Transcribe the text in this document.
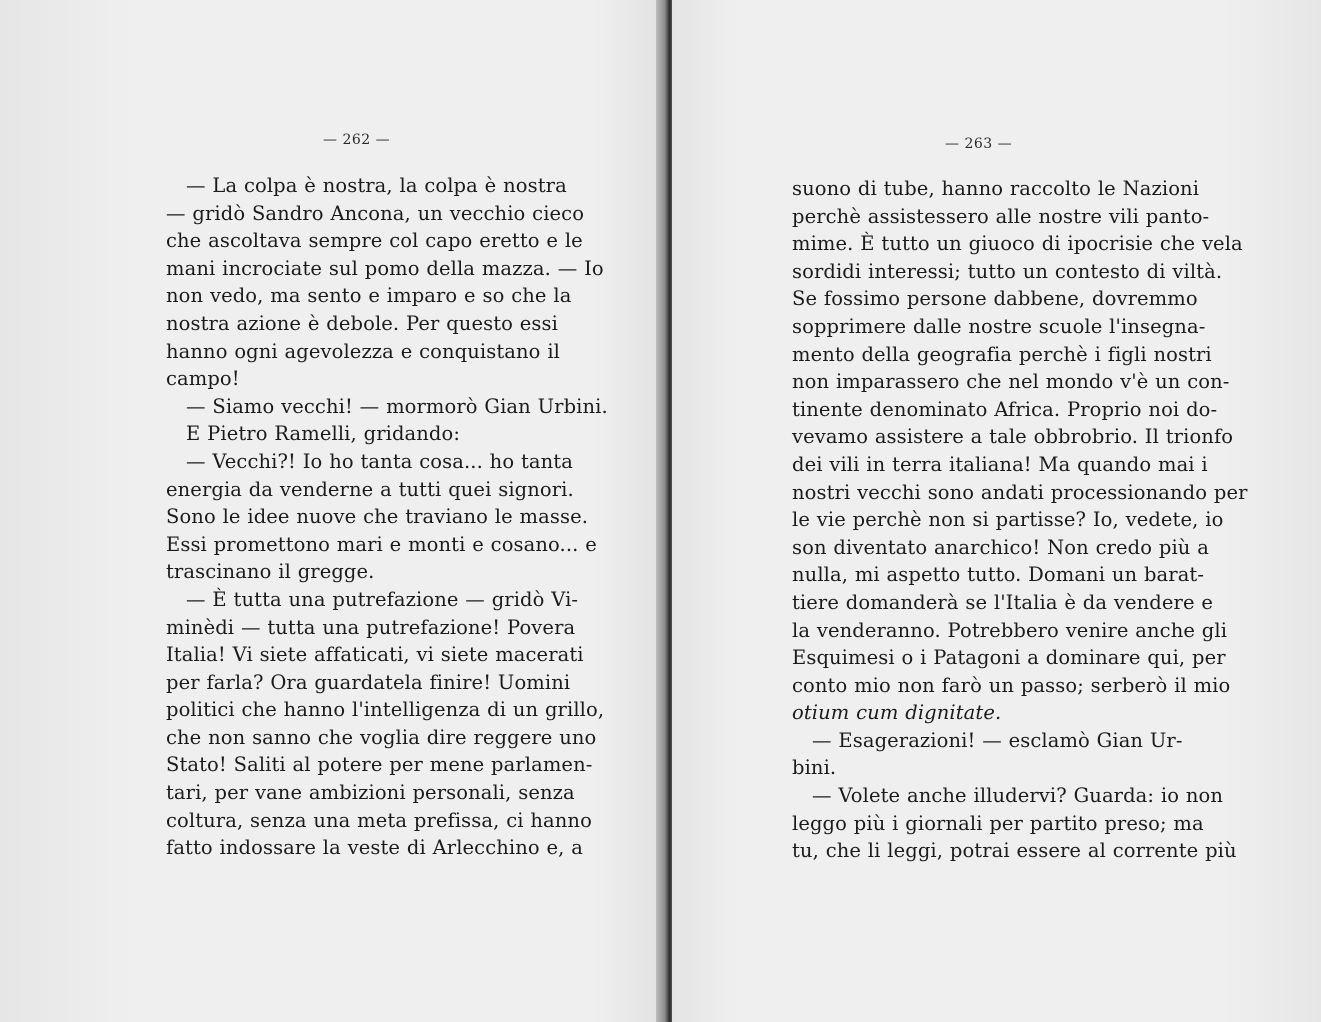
— 262 —
— La colpa è nostra, la colpa è nostra
— gridò Sandro Ancona, un vecchio cieco
che ascoltava sempre col capo eretto e le
mani incrociate sul pomo della mazza. — Io
non vedo, ma sento e imparo e so che la
nostra azione è debole. Per questo essi
hanno ogni agevolezza e conquistano il
campo!
— Siamo vecchi! — mormorò Gian Urbini.
E Pietro Ramelli, gridando:
— Vecchi?! Io ho tanta cosa... ho tanta
energia da venderne a tutti quei signori.
Sono le idee nuove che traviano le masse.
Essi promettono mari e monti e cosano... e
trascinano il gregge.
— È tutta una putrefazione — gridò Vi-
minèdi — tutta una putrefazione! Povera
Italia! Vi siete affaticati, vi siete macerati
per farla? Ora guardatela finire! Uomini
politici che hanno l'intelligenza di un grillo,
che non sanno che voglia dire reggere uno
Stato! Saliti al potere per mene parlamen-
tari, per vane ambizioni personali, senza
coltura, senza una meta prefissa, ci hanno
fatto indossare la veste di Arlecchino e, a
— 263 —
suono di tube, hanno raccolto le Nazioni
perchè assistessero alle nostre vili panto-
mime. È tutto un giuoco di ipocrisie che vela
sordidi interessi; tutto un contesto di viltà.
Se fossimo persone dabbene, dovremmo
sopprimere dalle nostre scuole l'insegna-
mento della geografia perchè i figli nostri
non imparassero che nel mondo v'è un con-
tinente denominato Africa. Proprio noi do-
vevamo assistere a tale obbrobrio. Il trionfo
dei vili in terra italiana! Ma quando mai i
nostri vecchi sono andati processionando per
le vie perchè non si partisse? Io, vedete, io
son diventato anarchico! Non credo più a
nulla, mi aspetto tutto. Domani un barat-
tiere domanderà se l'Italia è da vendere e
la venderanno. Potrebbero venire anche gli
Esquimesi o i Patagoni a dominare qui, per
conto mio non farò un passo; serberò il mio
otium cum dignitate.
— Esagerazioni! — esclamò Gian Ur-
bini.
— Volete anche illudervi? Guarda: io non
leggo più i giornali per partito preso; ma
tu, che li leggi, potrai essere al corrente più
